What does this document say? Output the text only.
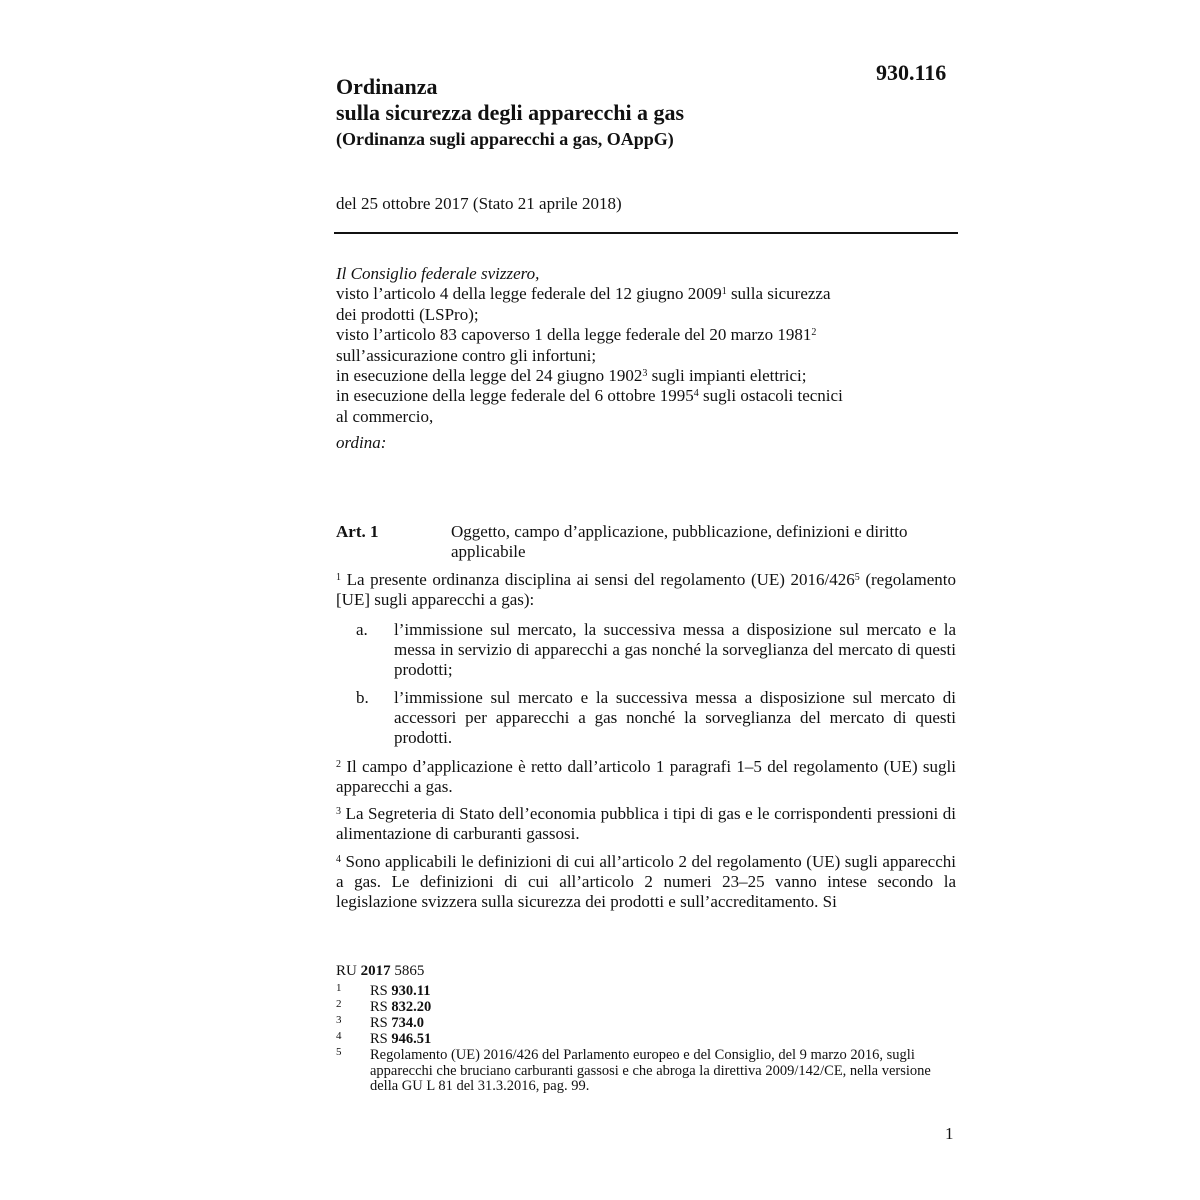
930.116
Ordinanza
sulla sicurezza degli apparecchi a gas
(Ordinanza sugli apparecchi a gas, OAppG)
del 25 ottobre 2017 (Stato 21 aprile 2018)
Il Consiglio federale svizzero,
visto l’articolo 4 della legge federale del 12 giugno 2009$^1$ sulla sicurezza
dei prodotti (LSPro);
visto l’articolo 83 capoverso 1 della legge federale del 20 marzo 1981$^2$
sull’assicurazione contro gli infortuni;
in esecuzione della legge del 24 giugno 1902$^3$ sugli impianti elettrici;
in esecuzione della legge federale del 6 ottobre 1995$^4$ sugli ostacoli tecnici
al commercio,
ordina:
Art. 1	Oggetto, campo d’applicazione, pubblicazione, definizioni e diritto applicabile
$^1$ La presente ordinanza disciplina ai sensi del regolamento (UE) $2016/426^5$ (regolamento [UE] sugli apparecchi a gas):
a. l’immissione sul mercato, la successiva messa a disposizione sul mercato e la messa in servizio di apparecchi a gas nonché la sorveglianza del mercato di questi prodotti;
b. l’immissione sul mercato e la successiva messa a disposizione sul mercato di accessori per apparecchi a gas nonché la sorveglianza del mercato di questi prodotti.
$^2$ Il campo d’applicazione è retto dall’articolo 1 paragrafi 1–5 del regolamento (UE) sugli apparecchi a gas.
$^3$ La Segreteria di Stato dell’economia pubblica i tipi di gas e le corrispondenti pressioni di alimentazione di carburanti gassosi.
$^4$ Sono applicabili le definizioni di cui all’articolo 2 del regolamento (UE) sugli apparecchi a gas. Le definizioni di cui all’articolo 2 numeri 23–25 vanno intese secondo la legislazione svizzera sulla sicurezza dei prodotti e sull’accreditamento. Si
RU 2017 5865
1 RS 930.11
2 RS 832.20
3 RS 734.0
4 RS 946.51
5 Regolamento (UE) 2016/426 del Parlamento europeo e del Consiglio, del 9 marzo 2016, sugli apparecchi che bruciano carburanti gassosi e che abroga la direttiva 2009/142/CE, nella versione della GU L 81 del 31.3.2016, pag. 99.
1
